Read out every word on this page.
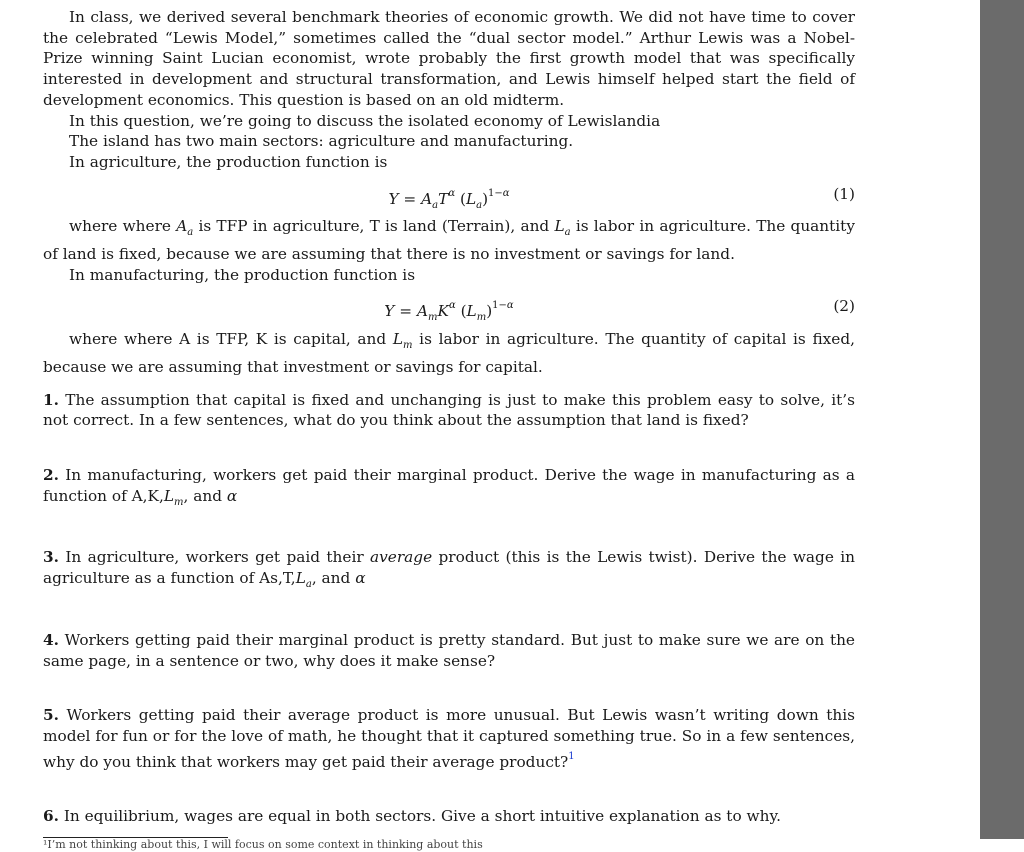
In class, we derived several benchmark theories of economic growth. We did not have time to cover the celebrated “Lewis Model,” sometimes called the “dual sector model.” Arthur Lewis was a Nobel-Prize winning Saint Lucian economist, wrote probably the first growth model that was specifically interested in development and structural transformation, and Lewis himself helped start the field of development economics. This question is based on an old midterm.

In this question, we’re going to discuss the isolated economy of Lewislandia

The island has two main sectors: agriculture and manufacturing.

In agriculture, the production function is

$Y = A_aT^\alpha$ $(L_a)^{1-\alpha}$	(1)

where where $A_a$ is TFP in agriculture, T is land (Terrain), and $L_a$ is labor in agriculture. The quantity of land is fixed, because we are assuming that there is no investment or savings for land.

In manufacturing, the production function is

$Y = A_mK^\alpha$ $(L_m)^{1-\alpha}$	(2)

where where A is TFP, K is capital, and $L_m$ is labor in agriculture. The quantity of capital is fixed, because we are assuming that investment or savings for capital.

1. The assumption that capital is fixed and unchanging is just to make this problem easy to solve, it’s not correct. In a few sentences, what do you think about the assumption that land is fixed?

2. In manufacturing, workers get paid their marginal product. Derive the wage in manufacturing as a function of $A,K,L_m$, and α

3. In agriculture, workers get paid their average product (this is the Lewis twist). Derive the wage in agriculture as a function of $As,T,L_a$, and α

4. Workers getting paid their marginal product is pretty standard. But just to make sure we are on the same page, in a sentence or two, why does it make sense?

5. Workers getting paid their average product is more unusual. But Lewis wasn’t writing down this model for fun or for the love of math, he thought that it captured something true. So in a few sentences, why do you think that workers may get paid their average product?$^1$

6. In equilibrium, wages are equal in both sectors. Give a short intuitive explanation as to why.

¹I’m not thinking about this, I will focus on some context in thinking about this
